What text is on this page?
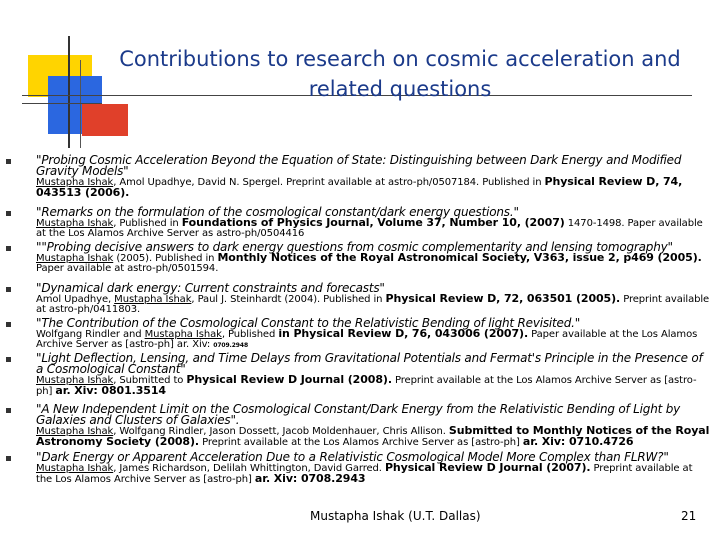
Contributions to research on cosmic acceleration and related questions
"Probing Cosmic Acceleration Beyond the Equation of State: Distinguishing between Dark Energy and Modified Gravity Models"
Mustapha Ishak, Amol Upadhye, David N. Spergel. Preprint available at astro-ph/0507184. Published in Physical Review D, 74, 043513 (2006).
"Remarks on the formulation of the cosmological constant/dark energy questions."
Mustapha Ishak, Published in Foundations of Physics Journal, Volume 37, Number 10, (2007) 1470-1498. Paper available at the Los Alamos Archive Server as astro-ph/0504416
""Probing decisive answers to dark energy questions from cosmic complementarity and lensing tomography"
Mustapha Ishak (2005). Published in Monthly Notices of the Royal Astronomical Society, V363, issue 2, p469 (2005). Paper available at astro-ph/0501594.
"Dynamical dark energy: Current constraints and forecasts"
Amol Upadhye, Mustapha Ishak, Paul J. Steinhardt (2004). Published in Physical Review D, 72, 063501 (2005). Preprint available at astro-ph/0411803.
"The Contribution of the Cosmological Constant to the Relativistic Bending of light Revisited."
Wolfgang Rindler and Mustapha Ishak, Published in Physical Review D, 76, 043006 (2007). Paper available at the Los Alamos Archive Server as [astro-ph] ar. Xiv: 0709.2948
"Light Deflection, Lensing, and Time Delays from Gravitational Potentials and Fermat's Principle in the Presence of a Cosmological Constant"
Mustapha Ishak, Submitted to Physical Review D Journal (2008). Preprint available at the Los Alamos Archive Server as [astro-ph] ar. Xiv: 0801.3514
"A New Independent Limit on the Cosmological Constant/Dark Energy from the Relativistic Bending of Light by Galaxies and Clusters of Galaxies".
Mustapha Ishak, Wolfgang Rindler, Jason Dossett, Jacob Moldenhauer, Chris Allison. Submitted to Monthly Notices of the Royal Astronomy Society (2008). Preprint available at the Los Alamos Archive Server as [astro-ph] ar. Xiv: 0710.4726
"Dark Energy or Apparent Acceleration Due to a Relativistic Cosmological Model More Complex than FLRW?"
Mustapha Ishak, James Richardson, Delilah Whittington, David Garred. Physical Review D Journal (2007). Preprint available at the Los Alamos Archive Server as [astro-ph] ar. Xiv: 0708.2943
Mustapha Ishak (U.T. Dallas)	21
